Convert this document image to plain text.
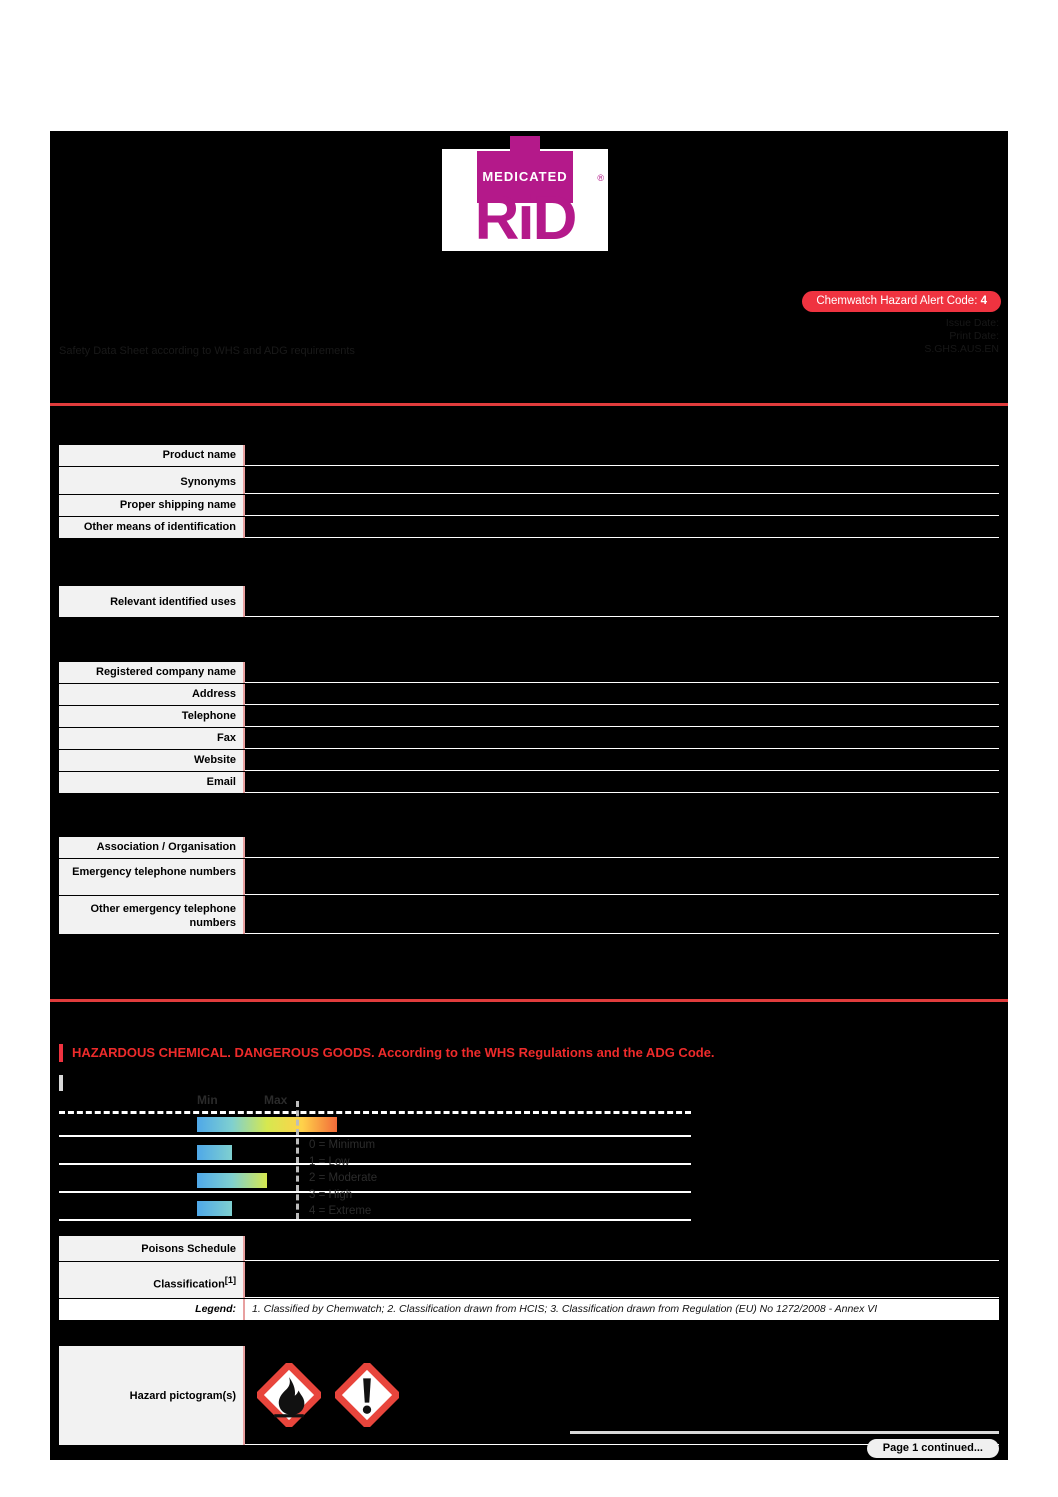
MEDICATED
RiD
®
Chemwatch Hazard Alert Code: 4
Issue Date:
Print Date:
S.GHS.AUS.EN
Safety Data Sheet according to WHS and ADG requirements
Product name
Synonyms
Proper shipping name
Other means of identification
Relevant identified uses
Registered company name
Address
Telephone
Fax
Website
Email
Association / Organisation
Emergency telephone numbers
Other emergency telephone numbers
HAZARDOUS CHEMICAL. DANGEROUS GOODS. According to the WHS Regulations and the ADG Code.
Min	Max
0 = Minimum
1 = Low
2 = Moderate
3 = High
4 = Extreme
Poisons Schedule
Classification[1]
Legend:	1. Classified by Chemwatch; 2. Classification drawn from HCIS; 3. Classification drawn from Regulation (EU) No 1272/2008 - Annex VI
Hazard pictogram(s)
Page 1 continued...
